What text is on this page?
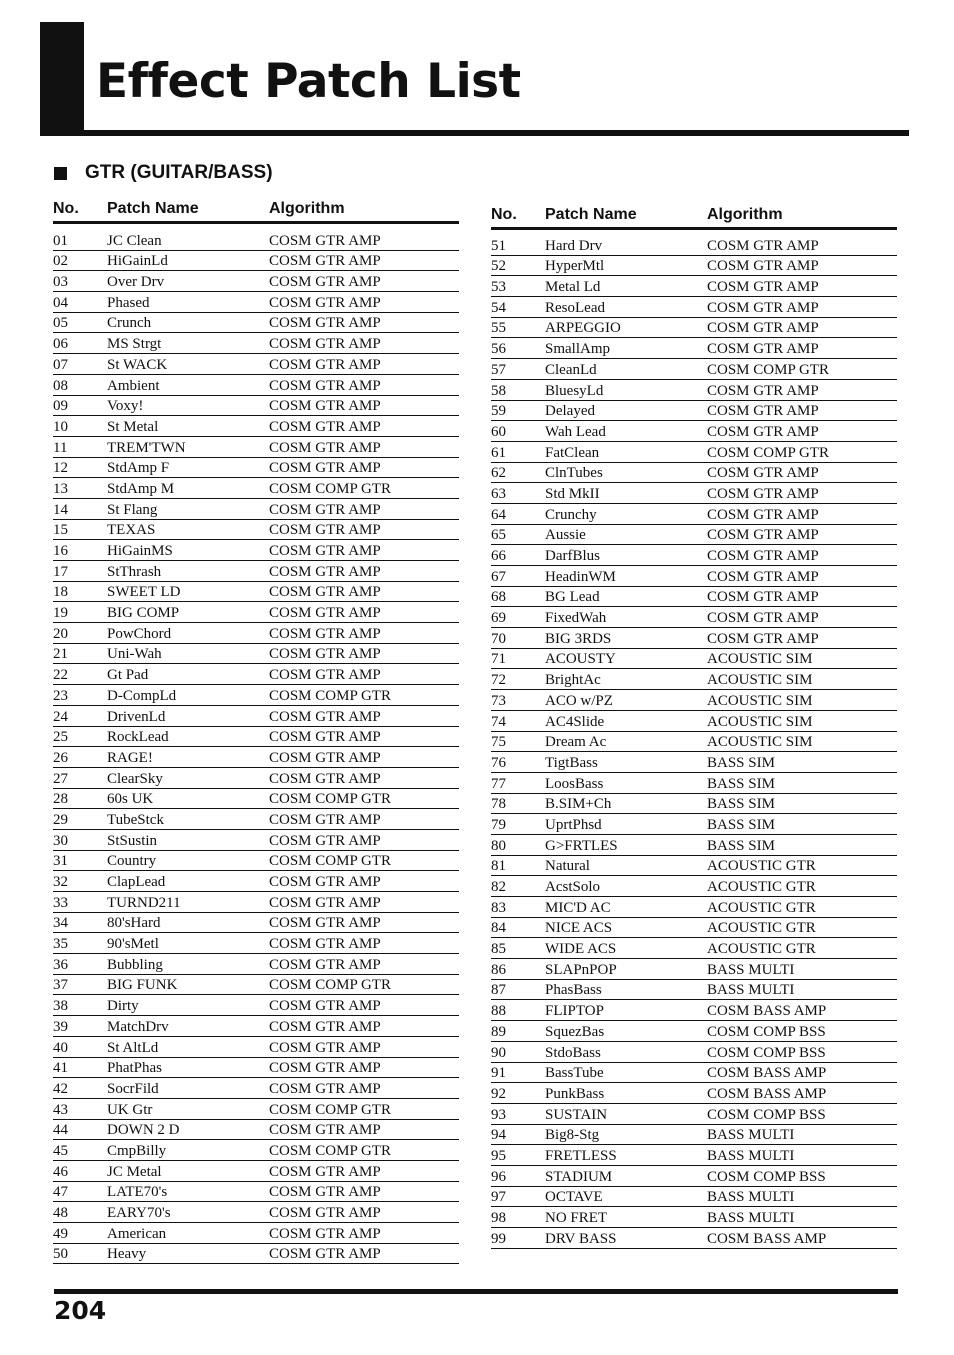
Effect Patch List
GTR (GUITAR/BASS)
No.	Patch Name	Algorithm
01	JC Clean	COSM GTR AMP
02	HiGainLd	COSM GTR AMP
03	Over Drv	COSM GTR AMP
04	Phased	COSM GTR AMP
05	Crunch	COSM GTR AMP
06	MS Strgt	COSM GTR AMP
07	St WACK	COSM GTR AMP
08	Ambient	COSM GTR AMP
09	Voxy!	COSM GTR AMP
10	St Metal	COSM GTR AMP
11	TREM'TWN	COSM GTR AMP
12	StdAmp F	COSM GTR AMP
13	StdAmp M	COSM COMP GTR
14	St Flang	COSM GTR AMP
15	TEXAS	COSM GTR AMP
16	HiGainMS	COSM GTR AMP
17	StThrash	COSM GTR AMP
18	SWEET LD	COSM GTR AMP
19	BIG COMP	COSM GTR AMP
20	PowChord	COSM GTR AMP
21	Uni-Wah	COSM GTR AMP
22	Gt Pad	COSM GTR AMP
23	D-CompLd	COSM COMP GTR
24	DrivenLd	COSM GTR AMP
25	RockLead	COSM GTR AMP
26	RAGE!	COSM GTR AMP
27	ClearSky	COSM GTR AMP
28	60s UK	COSM COMP GTR
29	TubeStck	COSM GTR AMP
30	StSustin	COSM GTR AMP
31	Country	COSM COMP GTR
32	ClapLead	COSM GTR AMP
33	TURND211	COSM GTR AMP
34	80'sHard	COSM GTR AMP
35	90'sMetl	COSM GTR AMP
36	Bubbling	COSM GTR AMP
37	BIG FUNK	COSM COMP GTR
38	Dirty	COSM GTR AMP
39	MatchDrv	COSM GTR AMP
40	St AltLd	COSM GTR AMP
41	PhatPhas	COSM GTR AMP
42	SocrFild	COSM GTR AMP
43	UK Gtr	COSM COMP GTR
44	DOWN 2 D	COSM GTR AMP
45	CmpBilly	COSM COMP GTR
46	JC Metal	COSM GTR AMP
47	LATE70's	COSM GTR AMP
48	EARY70's	COSM GTR AMP
49	American	COSM GTR AMP
50	Heavy	COSM GTR AMP
No.	Patch Name	Algorithm
51	Hard Drv	COSM GTR AMP
52	HyperMtl	COSM GTR AMP
53	Metal Ld	COSM GTR AMP
54	ResoLead	COSM GTR AMP
55	ARPEGGIO	COSM GTR AMP
56	SmallAmp	COSM GTR AMP
57	CleanLd	COSM COMP GTR
58	BluesyLd	COSM GTR AMP
59	Delayed	COSM GTR AMP
60	Wah Lead	COSM GTR AMP
61	FatClean	COSM COMP GTR
62	ClnTubes	COSM GTR AMP
63	Std MkII	COSM GTR AMP
64	Crunchy	COSM GTR AMP
65	Aussie	COSM GTR AMP
66	DarfBlus	COSM GTR AMP
67	HeadinWM	COSM GTR AMP
68	BG Lead	COSM GTR AMP
69	FixedWah	COSM GTR AMP
70	BIG 3RDS	COSM GTR AMP
71	ACOUSTY	ACOUSTIC SIM
72	BrightAc	ACOUSTIC SIM
73	ACO w/PZ	ACOUSTIC SIM
74	AC4Slide	ACOUSTIC SIM
75	Dream Ac	ACOUSTIC SIM
76	TigtBass	BASS SIM
77	LoosBass	BASS SIM
78	B.SIM+Ch	BASS SIM
79	UprtPhsd	BASS SIM
80	G>FRTLES	BASS SIM
81	Natural	ACOUSTIC GTR
82	AcstSolo	ACOUSTIC GTR
83	MIC'D AC	ACOUSTIC GTR
84	NICE ACS	ACOUSTIC GTR
85	WIDE ACS	ACOUSTIC GTR
86	SLAPnPOP	BASS MULTI
87	PhasBass	BASS MULTI
88	FLIPTOP	COSM BASS AMP
89	SquezBas	COSM COMP BSS
90	StdoBass	COSM COMP BSS
91	BassTube	COSM BASS AMP
92	PunkBass	COSM BASS AMP
93	SUSTAIN	COSM COMP BSS
94	Big8-Stg	BASS MULTI
95	FRETLESS	BASS MULTI
96	STADIUM	COSM COMP BSS
97	OCTAVE	BASS MULTI
98	NO FRET	BASS MULTI
99	DRV BASS	COSM BASS AMP
204
